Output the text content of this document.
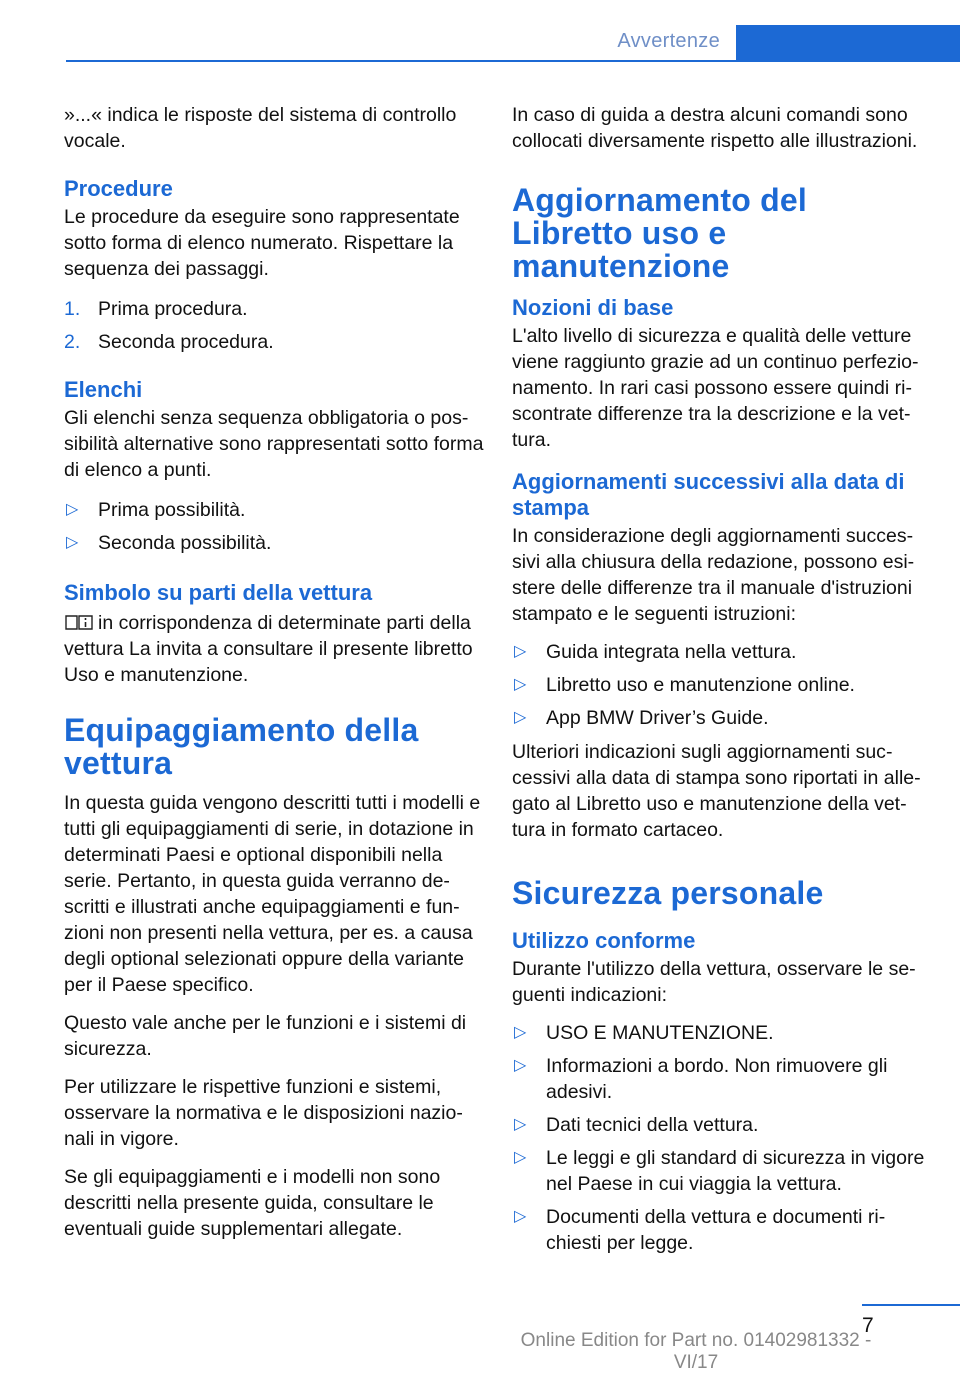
Avvertenze

»...« indica le risposte del sistema di controllo vocale.

Procedure

Le procedure da eseguire sono rappresentate sotto forma di elenco numerato. Rispettare la sequenza dei passaggi.

1. Prima procedura.
2. Seconda procedura.
Elenchi

Gli elenchi senza sequenza obbligatoria o possibilità alternative sono rappresentati sotto forma di elenco a punti.

▷ Prima possibilità.
▷ Seconda possibilità.
Simbolo su parti della vettura

in corrispondenza di determinate parti della vettura La invita a consultare il presente libretto Uso e manutenzione.

Equipaggiamento della vettura

In questa guida vengono descritti tutti i modelli e tutti gli equipaggiamenti di serie, in dotazione in determinati Paesi e optional disponibili nella serie. Pertanto, in questa guida verranno descritti e illustrati anche equipaggiamenti e funzioni non presenti nella vettura, per es. a causa degli optional selezionati oppure della variante per il Paese specifico.

Questo vale anche per le funzioni e i sistemi di sicurezza.

Per utilizzare le rispettive funzioni e sistemi, osservare la normativa e le disposizioni nazionali in vigore.

Se gli equipaggiamenti e i modelli non sono descritti nella presente guida, consultare le eventuali guide supplementari allegate.

In caso di guida a destra alcuni comandi sono collocati diversamente rispetto alle illustrazioni.

Aggiornamento del Libretto uso e manutenzione
Nozioni di base

L'alto livello di sicurezza e qualità delle vetture viene raggiunto grazie ad un continuo perfezionamento. In rari casi possono essere quindi riscontrate differenze tra la descrizione e la vettura.

Aggiornamenti successivi alla data di stampa

In considerazione degli aggiornamenti successivi alla chiusura della redazione, possono esistere delle differenze tra il manuale d'istruzioni stampato e le seguenti istruzioni:

▷ Guida integrata nella vettura.
▷ Libretto uso e manutenzione online.
▷ App BMW Driver’s Guide.

Ulteriori indicazioni sugli aggiornamenti successivi alla data di stampa sono riportati in allegato al Libretto uso e manutenzione della vettura in formato cartaceo.

Sicurezza personale
Utilizzo conforme

Durante l'utilizzo della vettura, osservare le seguenti indicazioni:

▷ USO E MANUTENZIONE.
▷ Informazioni a bordo. Non rimuovere gli adesivi.
▷ Dati tecnici della vettura.
▷ Le leggi e gli standard di sicurezza in vigore nel Paese in cui viaggia la vettura.
▷ Documenti della vettura e documenti richiesti per legge.
7
Online Edition for Part no. 01402981332 - VI/17
